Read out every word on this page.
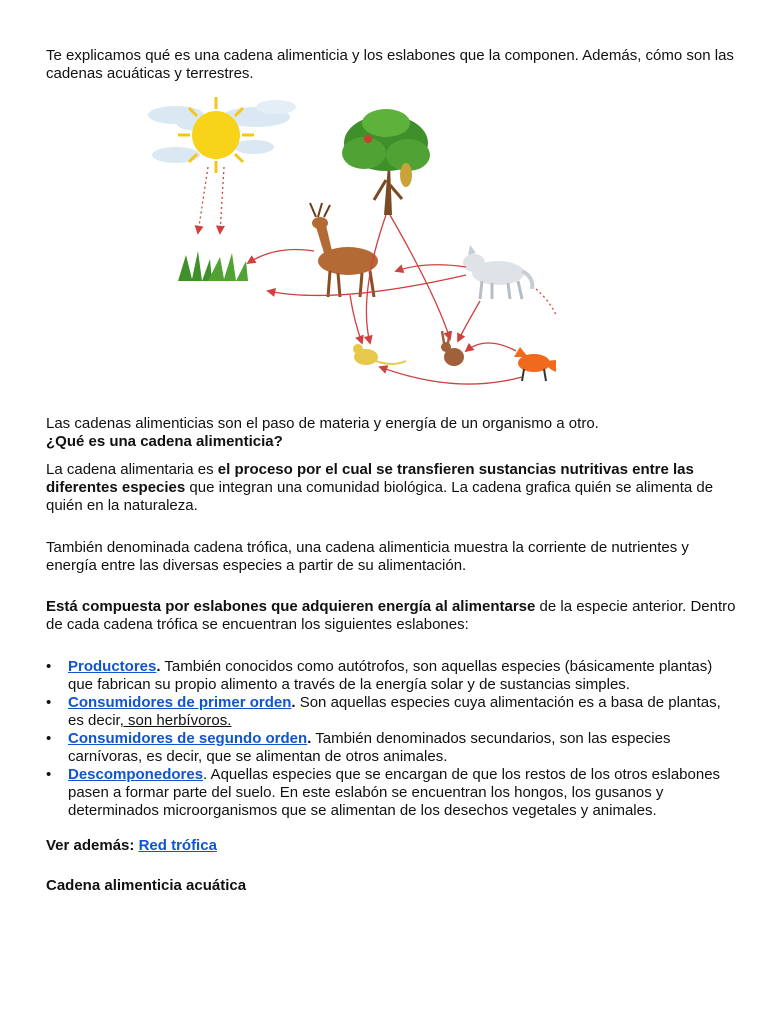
Te explicamos qué es una cadena alimenticia y los eslabones que la componen. Además, cómo son las cadenas acuáticas y terrestres.

Las cadenas alimenticias son el paso de materia y energía de un organismo a otro.

¿Qué es una cadena alimenticia?

La cadena alimentaria es el proceso por el cual se transfieren sustancias nutritivas entre las diferentes especies que integran una comunidad biológica. La cadena grafica quién se alimenta de quién en la naturaleza.

También denominada cadena trófica, una cadena alimenticia muestra la corriente de nutrientes y energía entre las diversas especies a partir de su alimentación.

Está compuesta por eslabones que adquieren energía al alimentarse de la especie anterior. Dentro de cada cadena trófica se encuentran los siguientes eslabones:

• Productores. También conocidos como autótrofos, son aquellas especies (básicamente plantas) que fabrican su propio alimento a través de la energía solar y de sustancias simples.
• Consumidores de primer orden. Son aquellas especies cuya alimentación es a basa de plantas, es decir, son herbívoros.
• Consumidores de segundo orden. También denominados secundarios, son las especies carnívoras, es decir, que se alimentan de otros animales.
• Descomponedores. Aquellas especies que se encargan de que los restos de los otros eslabones pasen a formar parte del suelo. En este eslabón se encuentran los hongos, los gusanos y determinados microorganismos que se alimentan de los desechos vegetales y animales.

Ver además: Red trófica

Cadena alimenticia acuática
